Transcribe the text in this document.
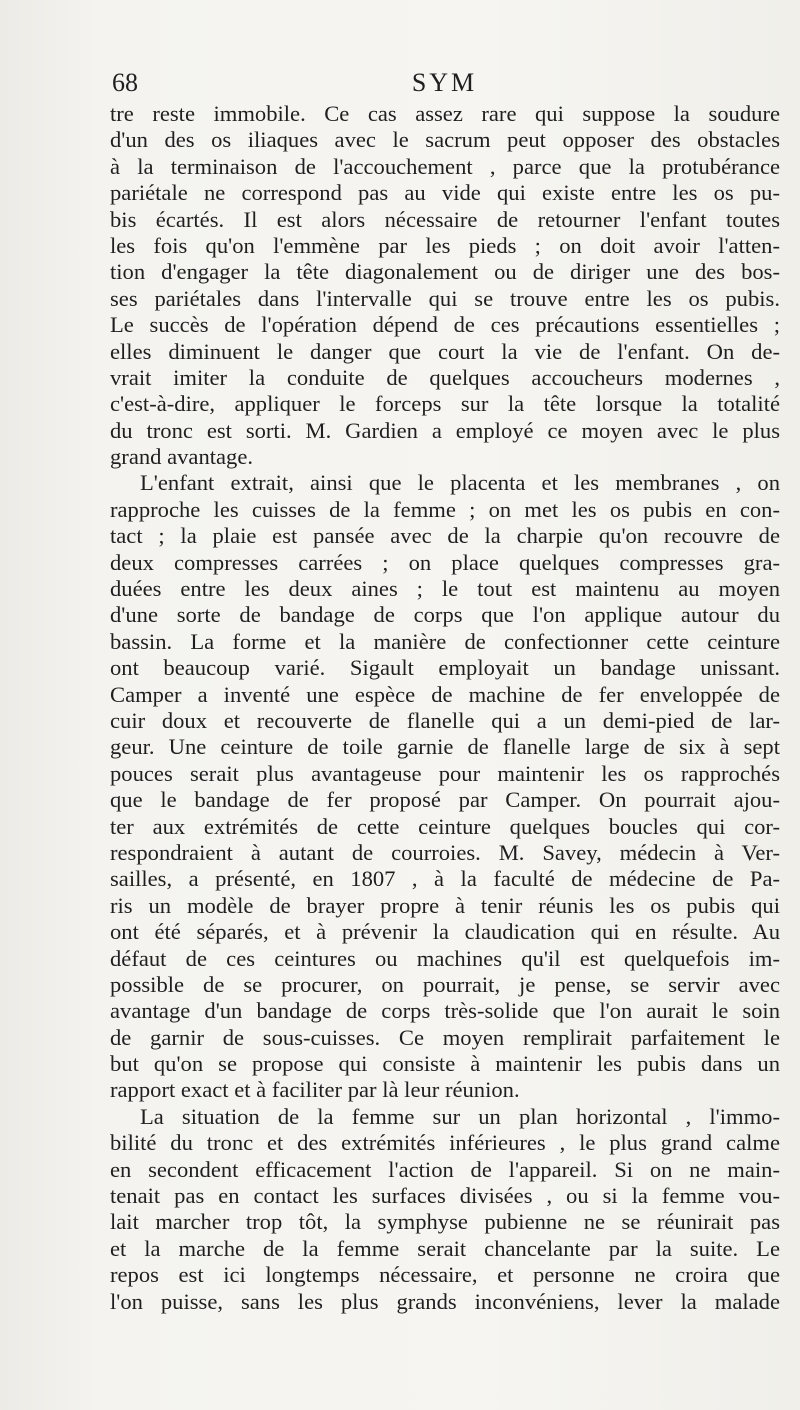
68	SYM
tre reste immobile. Ce cas assez rare qui suppose la soudure
d'un des os iliaques avec le sacrum peut opposer des obstacles
à la terminaison de l'accouchement , parce que la protubérance
pariétale ne correspond pas au vide qui existe entre les os pu-
bis écartés. Il est alors nécessaire de retourner l'enfant toutes
les fois qu'on l'emmène par les pieds ; on doit avoir l'atten-
tion d'engager la tête diagonalement ou de diriger une des bos-
ses pariétales dans l'intervalle qui se trouve entre les os pubis.
Le succès de l'opération dépend de ces précautions essentielles ;
elles diminuent le danger que court la vie de l'enfant. On de-
vrait imiter la conduite de quelques accoucheurs modernes ,
c'est-à-dire, appliquer le forceps sur la tête lorsque la totalité
du tronc est sorti. M. Gardien a employé ce moyen avec le plus
grand avantage.
L'enfant extrait, ainsi que le placenta et les membranes , on
rapproche les cuisses de la femme ; on met les os pubis en con-
tact ; la plaie est pansée avec de la charpie qu'on recouvre de
deux compresses carrées ; on place quelques compresses gra-
duées entre les deux aines ; le tout est maintenu au moyen
d'une sorte de bandage de corps que l'on applique autour du
bassin. La forme et la manière de confectionner cette ceinture
ont beaucoup varié. Sigault employait un bandage unissant.
Camper a inventé une espèce de machine de fer enveloppée de
cuir doux et recouverte de flanelle qui a un demi-pied de lar-
geur. Une ceinture de toile garnie de flanelle large de six à sept
pouces serait plus avantageuse pour maintenir les os rapprochés
que le bandage de fer proposé par Camper. On pourrait ajou-
ter aux extrémités de cette ceinture quelques boucles qui cor-
respondraient à autant de courroies. M. Savey, médecin à Ver-
sailles, a présenté, en 1807 , à la faculté de médecine de Pa-
ris un modèle de brayer propre à tenir réunis les os pubis qui
ont été séparés, et à prévenir la claudication qui en résulte. Au
défaut de ces ceintures ou machines qu'il est quelquefois im-
possible de se procurer, on pourrait, je pense, se servir avec
avantage d'un bandage de corps très-solide que l'on aurait le soin
de garnir de sous-cuisses. Ce moyen remplirait parfaitement le
but qu'on se propose qui consiste à maintenir les pubis dans un
rapport exact et à faciliter par là leur réunion.
La situation de la femme sur un plan horizontal , l'immo-
bilité du tronc et des extrémités inférieures , le plus grand calme
en secondent efficacement l'action de l'appareil. Si on ne main-
tenait pas en contact les surfaces divisées , ou si la femme vou-
lait marcher trop tôt, la symphyse pubienne ne se réunirait pas
et la marche de la femme serait chancelante par la suite. Le
repos est ici longtemps nécessaire, et personne ne croira que
l'on puisse, sans les plus grands inconvéniens, lever la malade
